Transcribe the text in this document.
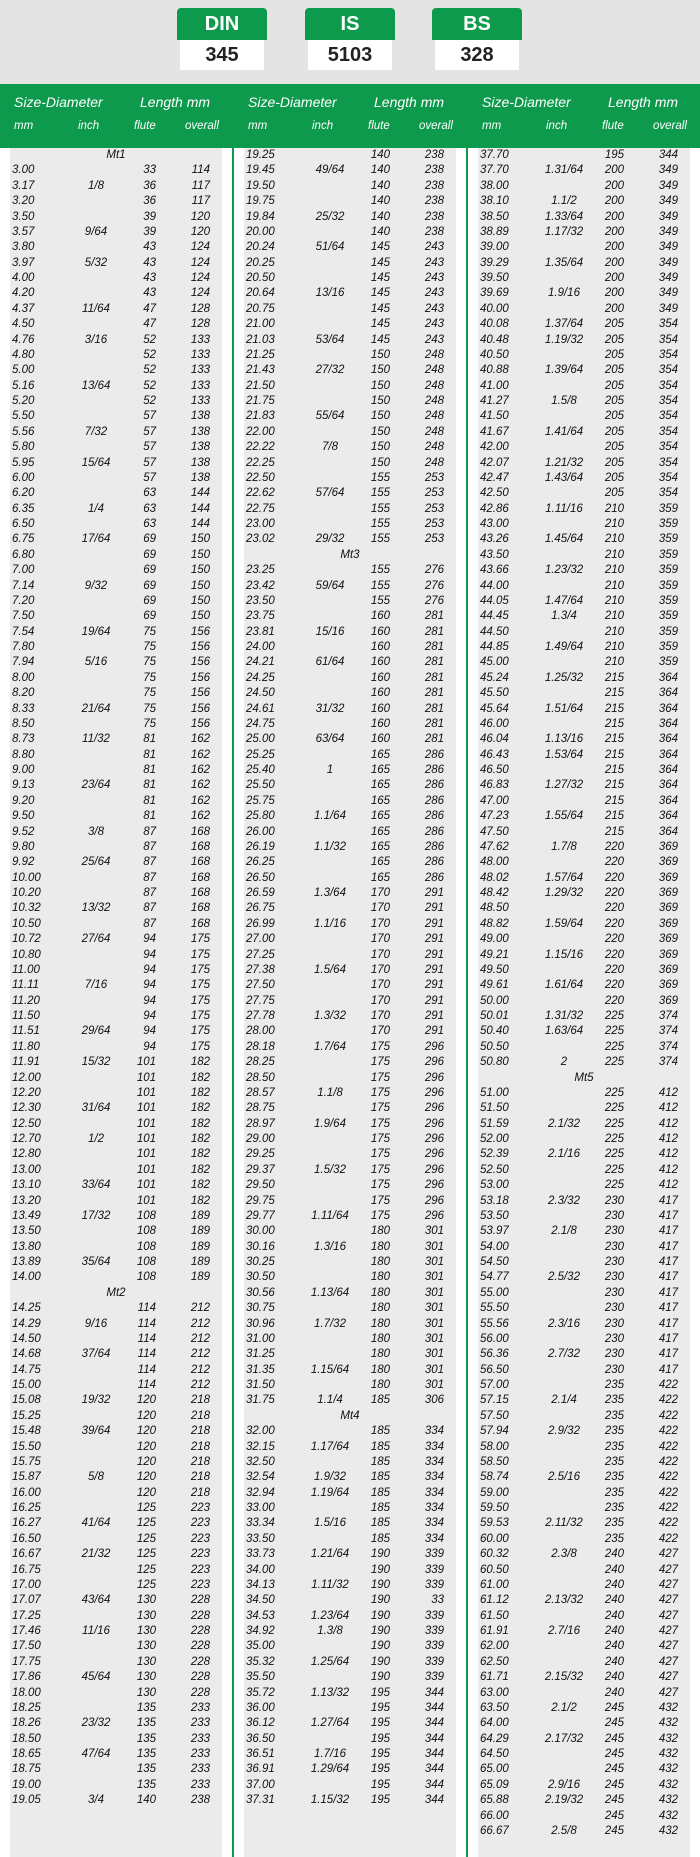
DIN
345
IS
5103
BS
328
Size-Diameter	Length mm
mm	inch	flute	overall
Size-Diameter	Length mm
mm	inch	flute	overall
Size-Diameter	Length mm
mm	inch	flute	overall
Mt1
3.00	33	114
3.17	1/8	36	117
3.20	36	117
3.50	39	120
3.57	9/64	39	120
3.80	43	124
3.97	5/32	43	124
4.00	43	124
4.20	43	124
4.37	11/64	47	128
4.50	47	128
4.76	3/16	52	133
4.80	52	133
5.00	52	133
5.16	13/64	52	133
5.20	52	133
5.50	57	138
5.56	7/32	57	138
5.80	57	138
5.95	15/64	57	138
6.00	57	138
6.20	63	144
6.35	1/4	63	144
6.50	63	144
6.75	17/64	69	150
6.80	69	150
7.00	69	150
7.14	9/32	69	150
7.20	69	150
7.50	69	150
7.54	19/64	75	156
7.80	75	156
7.94	5/16	75	156
8.00	75	156
8.20	75	156
8.33	21/64	75	156
8.50	75	156
8.73	11/32	81	162
8.80	81	162
9.00	81	162
9.13	23/64	81	162
9.20	81	162
9.50	81	162
9.52	3/8	87	168
9.80	87	168
9.92	25/64	87	168
10.00	87	168
10.20	87	168
10.32	13/32	87	168
10.50	87	168
10.72	27/64	94	175
10.80	94	175
11.00	94	175
11.11	7/16	94	175
11.20	94	175
11.50	94	175
11.51	29/64	94	175
11.80	94	175
11.91	15/32	101	182
12.00	101	182
12.20	101	182
12.30	31/64	101	182
12.50	101	182
12.70	1/2	101	182
12.80	101	182
13.00	101	182
13.10	33/64	101	182
13.20	101	182
13.49	17/32	108	189
13.50	108	189
13.80	108	189
13.89	35/64	108	189
14.00	108	189
Mt2
14.25	114	212
14.29	9/16	114	212
14.50	114	212
14.68	37/64	114	212
14.75	114	212
15.00	114	212
15.08	19/32	120	218
15.25	120	218
15.48	39/64	120	218
15.50	120	218
15.75	120	218
15.87	5/8	120	218
16.00	120	218
16.25	125	223
16.27	41/64	125	223
16.50	125	223
16.67	21/32	125	223
16.75	125	223
17.00	125	223
17.07	43/64	130	228
17.25	130	228
17.46	11/16	130	228
17.50	130	228
17.75	130	228
17.86	45/64	130	228
18.00	130	228
18.25	135	233
18.26	23/32	135	233
18.50	135	233
18.65	47/64	135	233
18.75	135	233
19.00	135	233
19.05	3/4	140	238
19.25	140	238
19.45	49/64	140	238
19.50	140	238
19.75	140	238
19.84	25/32	140	238
20.00	140	238
20.24	51/64	145	243
20.25	145	243
20.50	145	243
20.64	13/16	145	243
20.75	145	243
21.00	145	243
21.03	53/64	145	243
21.25	150	248
21.43	27/32	150	248
21.50	150	248
21.75	150	248
21.83	55/64	150	248
22.00	150	248
22.22	7/8	150	248
22.25	150	248
22.50	155	253
22.62	57/64	155	253
22.75	155	253
23.00	155	253
23.02	29/32	155	253
Mt3
23.25	155	276
23.42	59/64	155	276
23.50	155	276
23.75	160	281
23.81	15/16	160	281
24.00	160	281
24.21	61/64	160	281
24.25	160	281
24.50	160	281
24.61	31/32	160	281
24.75	160	281
25.00	63/64	160	281
25.25	165	286
25.40	1	165	286
25.50	165	286
25.75	165	286
25.80	1.1/64	165	286
26.00	165	286
26.19	1.1/32	165	286
26.25	165	286
26.50	165	286
26.59	1.3/64	170	291
26.75	170	291
26.99	1.1/16	170	291
27.00	170	291
27.25	170	291
27.38	1.5/64	170	291
27.50	170	291
27.75	170	291
27.78	1.3/32	170	291
28.00	170	291
28.18	1.7/64	175	296
28.25	175	296
28.50	175	296
28.57	1.1/8	175	296
28.75	175	296
28.97	1.9/64	175	296
29.00	175	296
29.25	175	296
29.37	1.5/32	175	296
29.50	175	296
29.75	175	296
29.77	1.11/64	175	296
30.00	180	301
30.16	1.3/16	180	301
30.25	180	301
30.50	180	301
30.56	1.13/64	180	301
30.75	180	301
30.96	1.7/32	180	301
31.00	180	301
31.25	180	301
31.35	1.15/64	180	301
31.50	180	301
31.75	1.1/4	185	306
Mt4
32.00	185	334
32.15	1.17/64	185	334
32.50	185	334
32.54	1.9/32	185	334
32.94	1.19/64	185	334
33.00	185	334
33.34	1.5/16	185	334
33.50	185	334
33.73	1.21/64	190	339
34.00	190	339
34.13	1.11/32	190	339
34.50	190	33
34.53	1.23/64	190	339
34.92	1.3/8	190	339
35.00	190	339
35.32	1.25/64	190	339
35.50	190	339
35.72	1.13/32	195	344
36.00	195	344
36.12	1.27/64	195	344
36.50	195	344
36.51	1.7/16	195	344
36.91	1.29/64	195	344
37.00	195	344
37.31	1.15/32	195	344
37.70	195	344
37.70	1.31/64	200	349
38.00	200	349
38.10	1.1/2	200	349
38.50	1.33/64	200	349
38.89	1.17/32	200	349
39.00	200	349
39.29	1.35/64	200	349
39.50	200	349
39.69	1.9/16	200	349
40.00	200	349
40.08	1.37/64	205	354
40.48	1.19/32	205	354
40.50	205	354
40.88	1.39/64	205	354
41.00	205	354
41.27	1.5/8	205	354
41.50	205	354
41.67	1.41/64	205	354
42.00	205	354
42.07	1.21/32	205	354
42.47	1.43/64	205	354
42.50	205	354
42.86	1.11/16	210	359
43.00	210	359
43.26	1.45/64	210	359
43.50	210	359
43.66	1.23/32	210	359
44.00	210	359
44.05	1.47/64	210	359
44.45	1.3/4	210	359
44.50	210	359
44.85	1.49/64	210	359
45.00	210	359
45.24	1.25/32	215	364
45.50	215	364
45.64	1.51/64	215	364
46.00	215	364
46.04	1.13/16	215	364
46.43	1.53/64	215	364
46.50	215	364
46.83	1.27/32	215	364
47.00	215	364
47.23	1.55/64	215	364
47.50	215	364
47.62	1.7/8	220	369
48.00	220	369
48.02	1.57/64	220	369
48.42	1.29/32	220	369
48.50	220	369
48.82	1.59/64	220	369
49.00	220	369
49.21	1.15/16	220	369
49.50	220	369
49.61	1.61/64	220	369
50.00	220	369
50.01	1.31/32	225	374
50.40	1.63/64	225	374
50.50	225	374
50.80	2	225	374
Mt5
51.00	225	412
51.50	225	412
51.59	2.1/32	225	412
52.00	225	412
52.39	2.1/16	225	412
52.50	225	412
53.00	225	412
53.18	2.3/32	230	417
53.50	230	417
53.97	2.1/8	230	417
54.00	230	417
54.50	230	417
54.77	2.5/32	230	417
55.00	230	417
55.50	230	417
55.56	2.3/16	230	417
56.00	230	417
56.36	2.7/32	230	417
56.50	230	417
57.00	235	422
57.15	2.1/4	235	422
57.50	235	422
57.94	2.9/32	235	422
58.00	235	422
58.50	235	422
58.74	2.5/16	235	422
59.00	235	422
59.50	235	422
59.53	2.11/32	235	422
60.00	235	422
60.32	2.3/8	240	427
60.50	240	427
61.00	240	427
61.12	2.13/32	240	427
61.50	240	427
61.91	2.7/16	240	427
62.00	240	427
62.50	240	427
61.71	2.15/32	240	427
63.00	240	427
63.50	2.1/2	245	432
64.00	245	432
64.29	2.17/32	245	432
64.50	245	432
65.00	245	432
65.09	2.9/16	245	432
65.88	2.19/32	245	432
66.00	245	432
66.67	2.5/8	245	432
